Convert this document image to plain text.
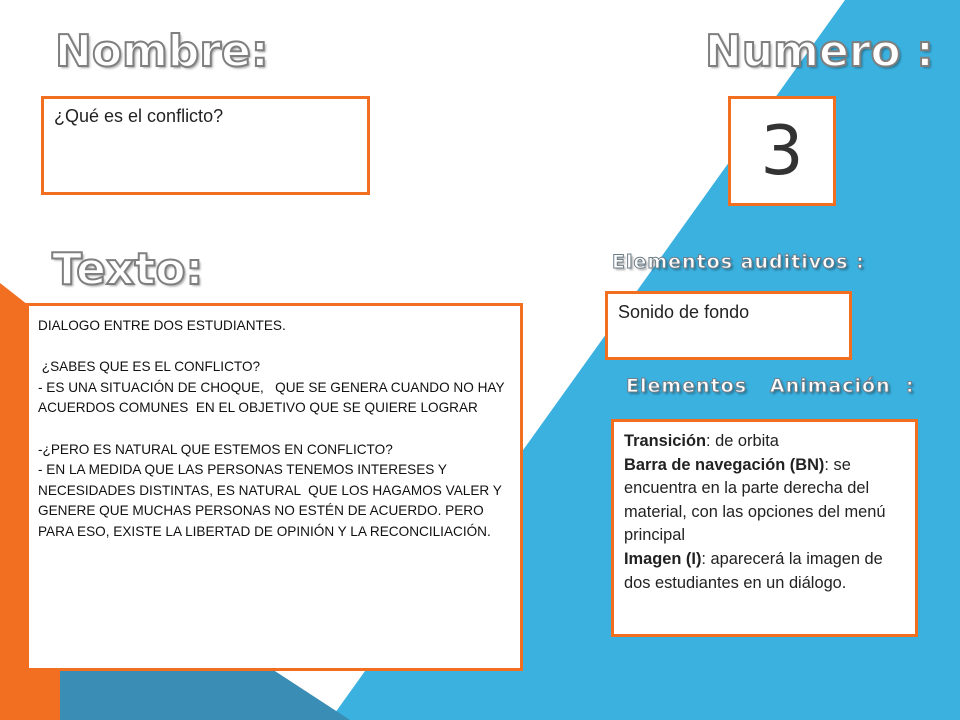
Nombre:	Numero :
Texto:	Elementos auditivos :
Elementos   Animación  :
¿Qué es el conflicto?	3

DIALOGO ENTRE DOS ESTUDIANTES.

¿SABES QUE ES EL CONFLICTO?

- ES UNA SITUACIÓN DE CHOQUE,   QUE SE GENERA CUANDO NO HAY ACUERDOS COMUNES  EN EL OBJETIVO QUE SE QUIERE LOGRAR

-¿PERO ES NATURAL QUE ESTEMOS EN CONFLICTO?

- EN LA MEDIDA QUE LAS PERSONAS TENEMOS INTERESES Y NECESIDADES DISTINTAS, ES NATURAL  QUE LOS HAGAMOS VALER Y GENERE QUE MUCHAS PERSONAS NO ESTÉN DE ACUERDO. PERO PARA ESO, EXISTE LA LIBERTAD DE OPINIÓN Y LA RECONCILIACIÓN.

Sonido de fondo
Transición: de orbita
Barra de navegación (BN): se encuentra en la parte derecha del material, con las opciones del menú principal
Imagen (I): aparecerá la imagen de dos estudiantes en un diálogo.
